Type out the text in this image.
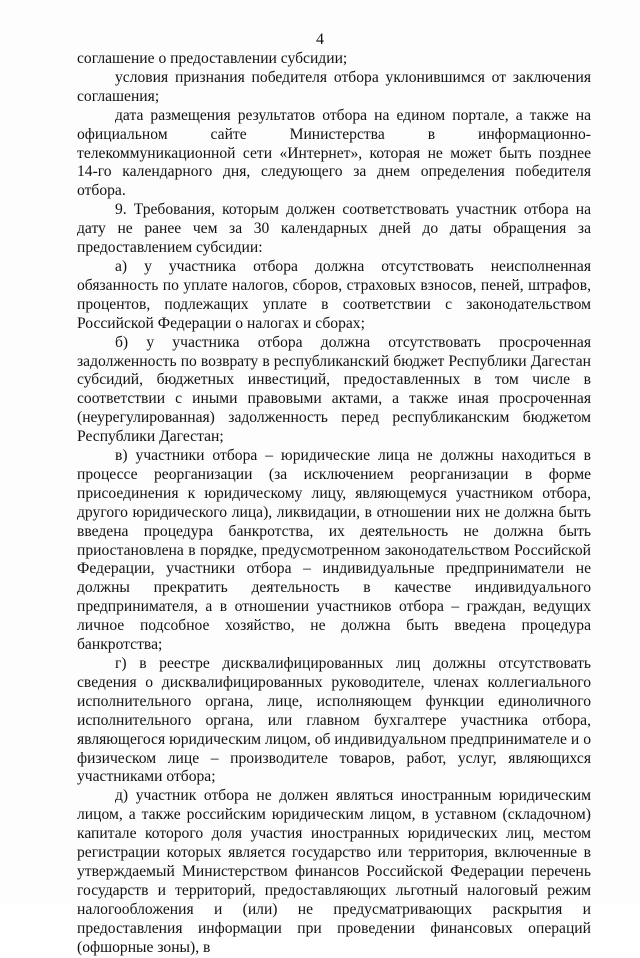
4

соглашение о предоставлении субсидии;

условия признания победителя отбора уклонившимся от заключения соглашения;

дата размещения результатов отбора на едином портале, а также на официальном сайте Министерства в информационно-телекоммуникационной сети «Интернет», которая не может быть позднее 14-го календарного дня, следующего за днем определения победителя отбора.

9. Требования, которым должен соответствовать участник отбора на дату не ранее чем за 30 календарных дней до даты обращения за предоставлением субсидии:

а) у участника отбора должна отсутствовать неисполненная обязанность по уплате налогов, сборов, страховых взносов, пеней, штрафов, процентов, подлежащих уплате в соответствии с законодательством Российской Федерации о налогах и сборах;

б) у участника отбора должна отсутствовать просроченная задолженность по возврату в республиканский бюджет Республики Дагестан субсидий, бюджетных инвестиций, предоставленных в том числе в соответствии с иными правовыми актами, а также иная просроченная (неурегулированная) задолженность перед республиканским бюджетом Республики Дагестан;

в) участники отбора – юридические лица не должны находиться в процессе реорганизации (за исключением реорганизации в форме присоединения к юридическому лицу, являющемуся участником отбора, другого юридического лица), ликвидации, в отношении них не должна быть введена процедура банкротства, их деятельность не должна быть приостановлена в порядке, предусмотренном законодательством Российской Федерации, участники отбора – индивидуальные предприниматели не должны прекратить деятельность в качестве индивидуального предпринимателя, а в отношении участников отбора – граждан, ведущих личное подсобное хозяйство, не должна быть введена процедура банкротства;

г) в реестре дисквалифицированных лиц должны отсутствовать сведения о дисквалифицированных руководителе, членах коллегиального исполнительного органа, лице, исполняющем функции единоличного исполнительного органа, или главном бухгалтере участника отбора, являющегося юридическим лицом, об индивидуальном предпринимателе и о физическом лице – производителе товаров, работ, услуг, являющихся участниками отбора;

д) участник отбора не должен являться иностранным юридическим лицом, а также российским юридическим лицом, в уставном (складочном) капитале которого доля участия иностранных юридических лиц, местом регистрации которых является государство или территория, включенные в утверждаемый Министерством финансов Российской Федерации перечень государств и территорий, предоставляющих льготный налоговый режим налогообложения и (или) не предусматривающих раскрытия и предоставления информации при проведении финансовых операций (офшорные зоны), в
